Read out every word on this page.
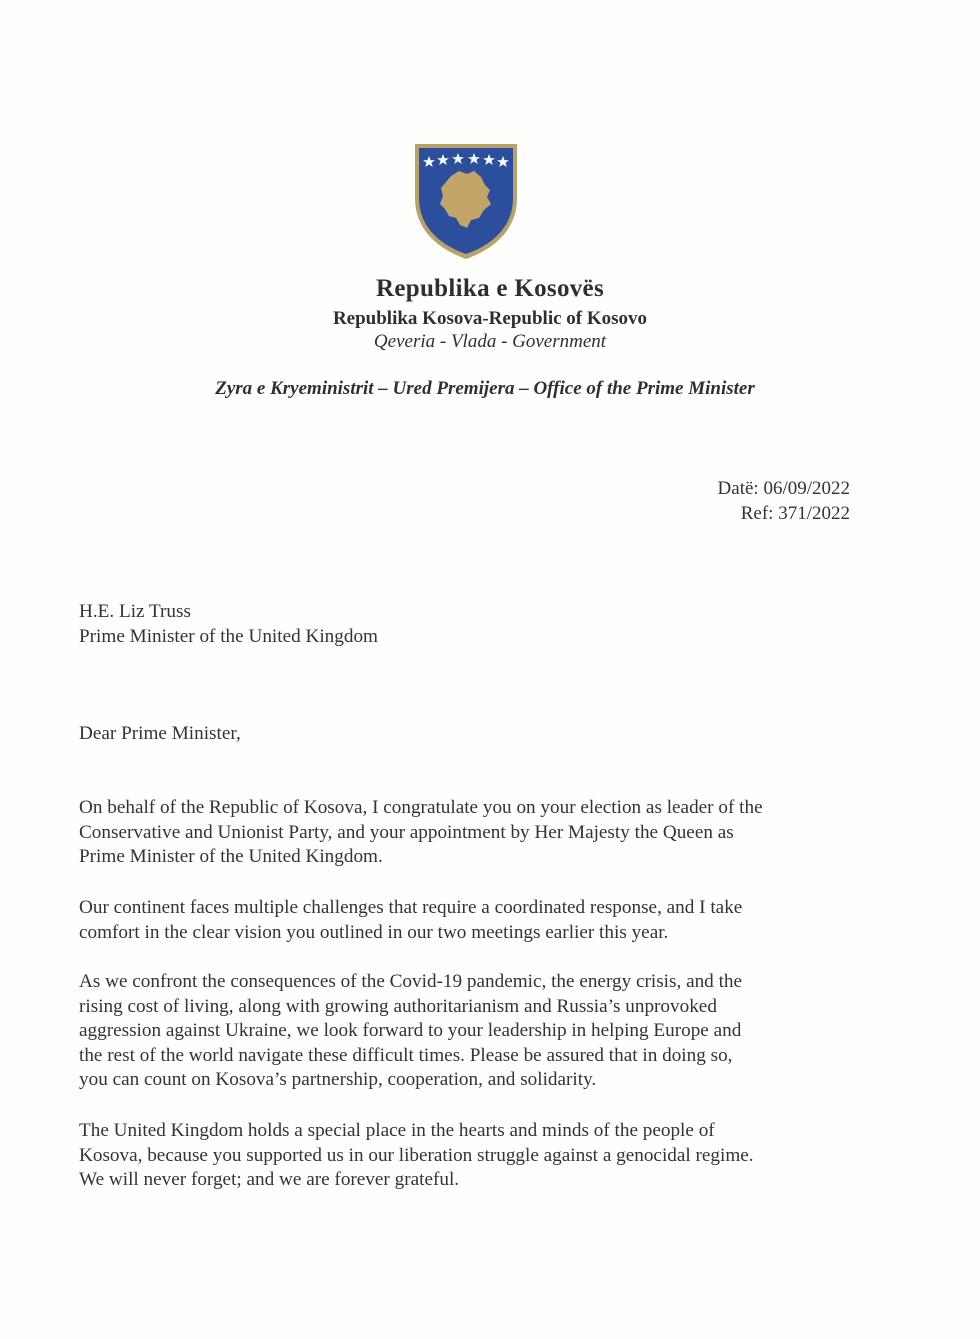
Republika e Kosovës
Republika Kosova-Republic of Kosovo
Qeveria - Vlada - Government
Zyra e Kryeministrit – Ured Premijera – Office of the Prime Minister
Datë: 06/09/2022
Ref: 371/2022
H.E. Liz Truss
Prime Minister of the United Kingdom
Dear Prime Minister,
On behalf of the Republic of Kosova, I congratulate you on your election as leader of the
Conservative and Unionist Party, and your appointment by Her Majesty the Queen as
Prime Minister of the United Kingdom.
Our continent faces multiple challenges that require a coordinated response, and I take
comfort in the clear vision you outlined in our two meetings earlier this year.
As we confront the consequences of the Covid-19 pandemic, the energy crisis, and the
rising cost of living, along with growing authoritarianism and Russia’s unprovoked
aggression against Ukraine, we look forward to your leadership in helping Europe and
the rest of the world navigate these difficult times. Please be assured that in doing so,
you can count on Kosova’s partnership, cooperation, and solidarity.
The United Kingdom holds a special place in the hearts and minds of the people of
Kosova, because you supported us in our liberation struggle against a genocidal regime.
We will never forget; and we are forever grateful.
